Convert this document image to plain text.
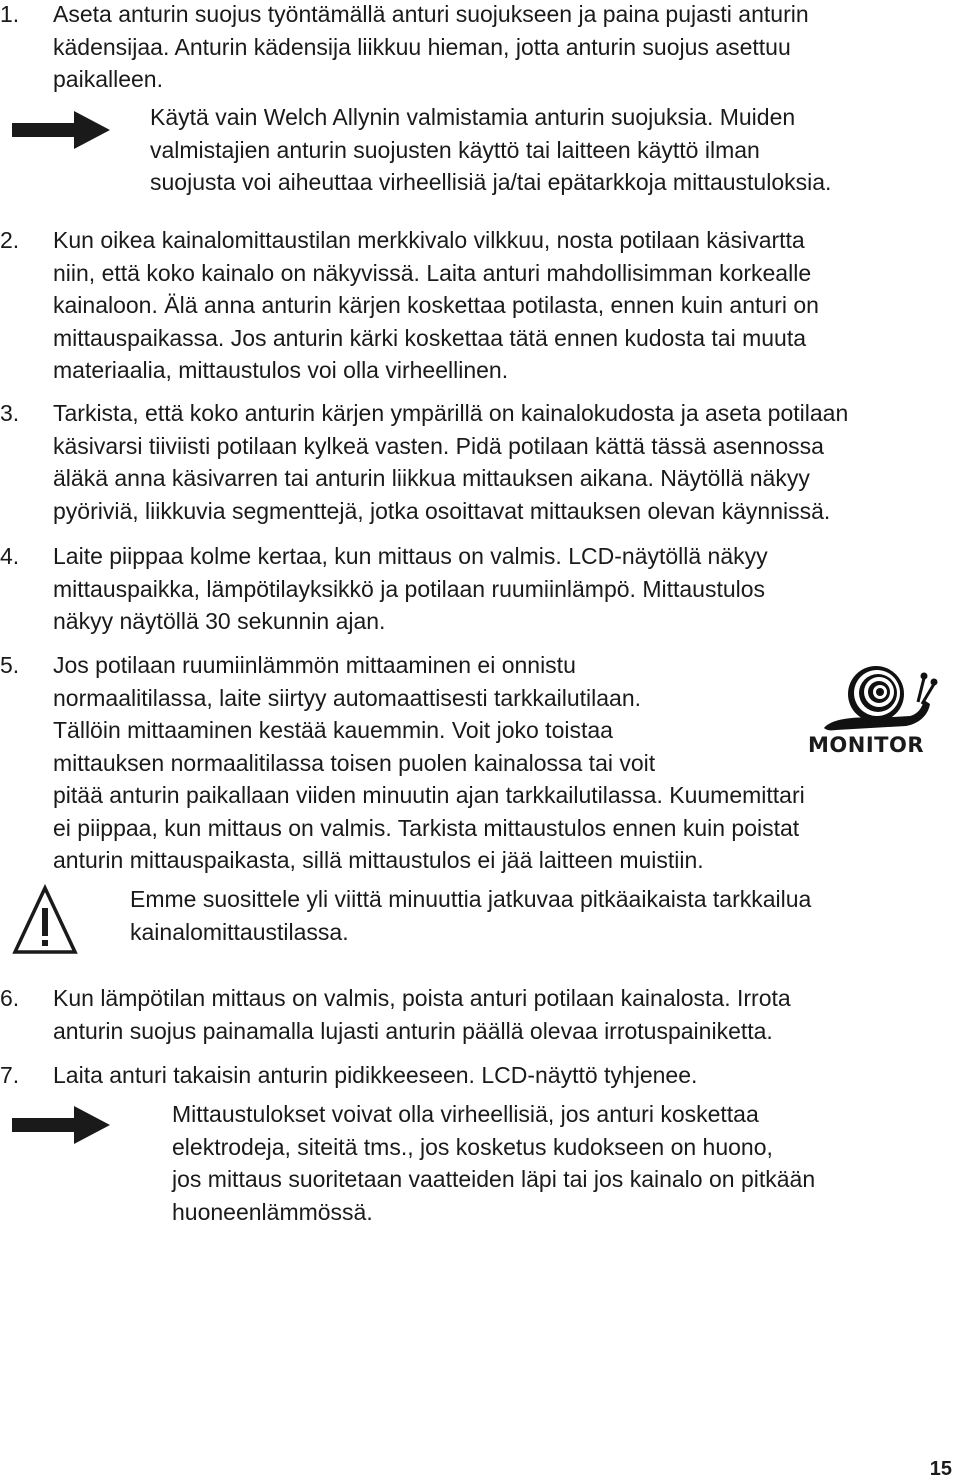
1.	Aseta anturin suojus työntämällä anturi suojukseen ja paina pujasti anturin
kädensijaa. Anturin kädensija liikkuu hieman, jotta anturin suojus asettuu
paikalleen.
Käytä vain Welch Allynin valmistamia anturin suojuksia. Muiden
valmistajien anturin suojusten käyttö tai laitteen käyttö ilman
suojusta voi aiheuttaa virheellisiä ja/tai epätarkkoja mittaustuloksia.
2.	Kun oikea kainalomittaustilan merkkivalo vilkkuu, nosta potilaan käsivartta
niin, että koko kainalo on näkyvissä. Laita anturi mahdollisimman korkealle
kainaloon. Älä anna anturin kärjen koskettaa potilasta, ennen kuin anturi on
mittauspaikassa. Jos anturin kärki koskettaa tätä ennen kudosta tai muuta
materiaalia, mittaustulos voi olla virheellinen.
3.	Tarkista, että koko anturin kärjen ympärillä on kainalokudosta ja aseta potilaan
käsivarsi tiiviisti potilaan kylkeä vasten. Pidä potilaan kättä tässä asennossa
äläkä anna käsivarren tai anturin liikkua mittauksen aikana. Näytöllä näkyy
pyöriviä, liikkuvia segmenttejä, jotka osoittavat mittauksen olevan käynnissä.
4.	Laite piippaa kolme kertaa, kun mittaus on valmis. LCD-näytöllä näkyy
mittauspaikka, lämpötilayksikkö ja potilaan ruumiinlämpö. Mittaustulos
näkyy näytöllä 30 sekunnin ajan.
5.	Jos potilaan ruumiinlämmön mittaaminen ei onnistu
normaalitilassa, laite siirtyy automaattisesti tarkkailutilaan.
Tällöin mittaaminen kestää kauemmin. Voit joko toistaa
mittauksen normaalitilassa toisen puolen kainalossa tai voit
pitää anturin paikallaan viiden minuutin ajan tarkkailutilassa. Kuumemittari
ei piippaa, kun mittaus on valmis. Tarkista mittaustulos ennen kuin poistat
anturin mittauspaikasta, sillä mittaustulos ei jää laitteen muistiin.
MONITOR
Emme suosittele yli viittä minuuttia jatkuvaa pitkäaikaista tarkkailua
kainalomittaustilassa.
6.	Kun lämpötilan mittaus on valmis, poista anturi potilaan kainalosta. Irrota
anturin suojus painamalla lujasti anturin päällä olevaa irrotuspainiketta.
7.	Laita anturi takaisin anturin pidikkeeseen. LCD-näyttö tyhjenee.
Mittaustulokset voivat olla virheellisiä, jos anturi koskettaa
elektrodeja, siteitä tms., jos kosketus kudokseen on huono,
jos mittaus suoritetaan vaatteiden läpi tai jos kainalo on pitkään
huoneenlämmössä.
15
